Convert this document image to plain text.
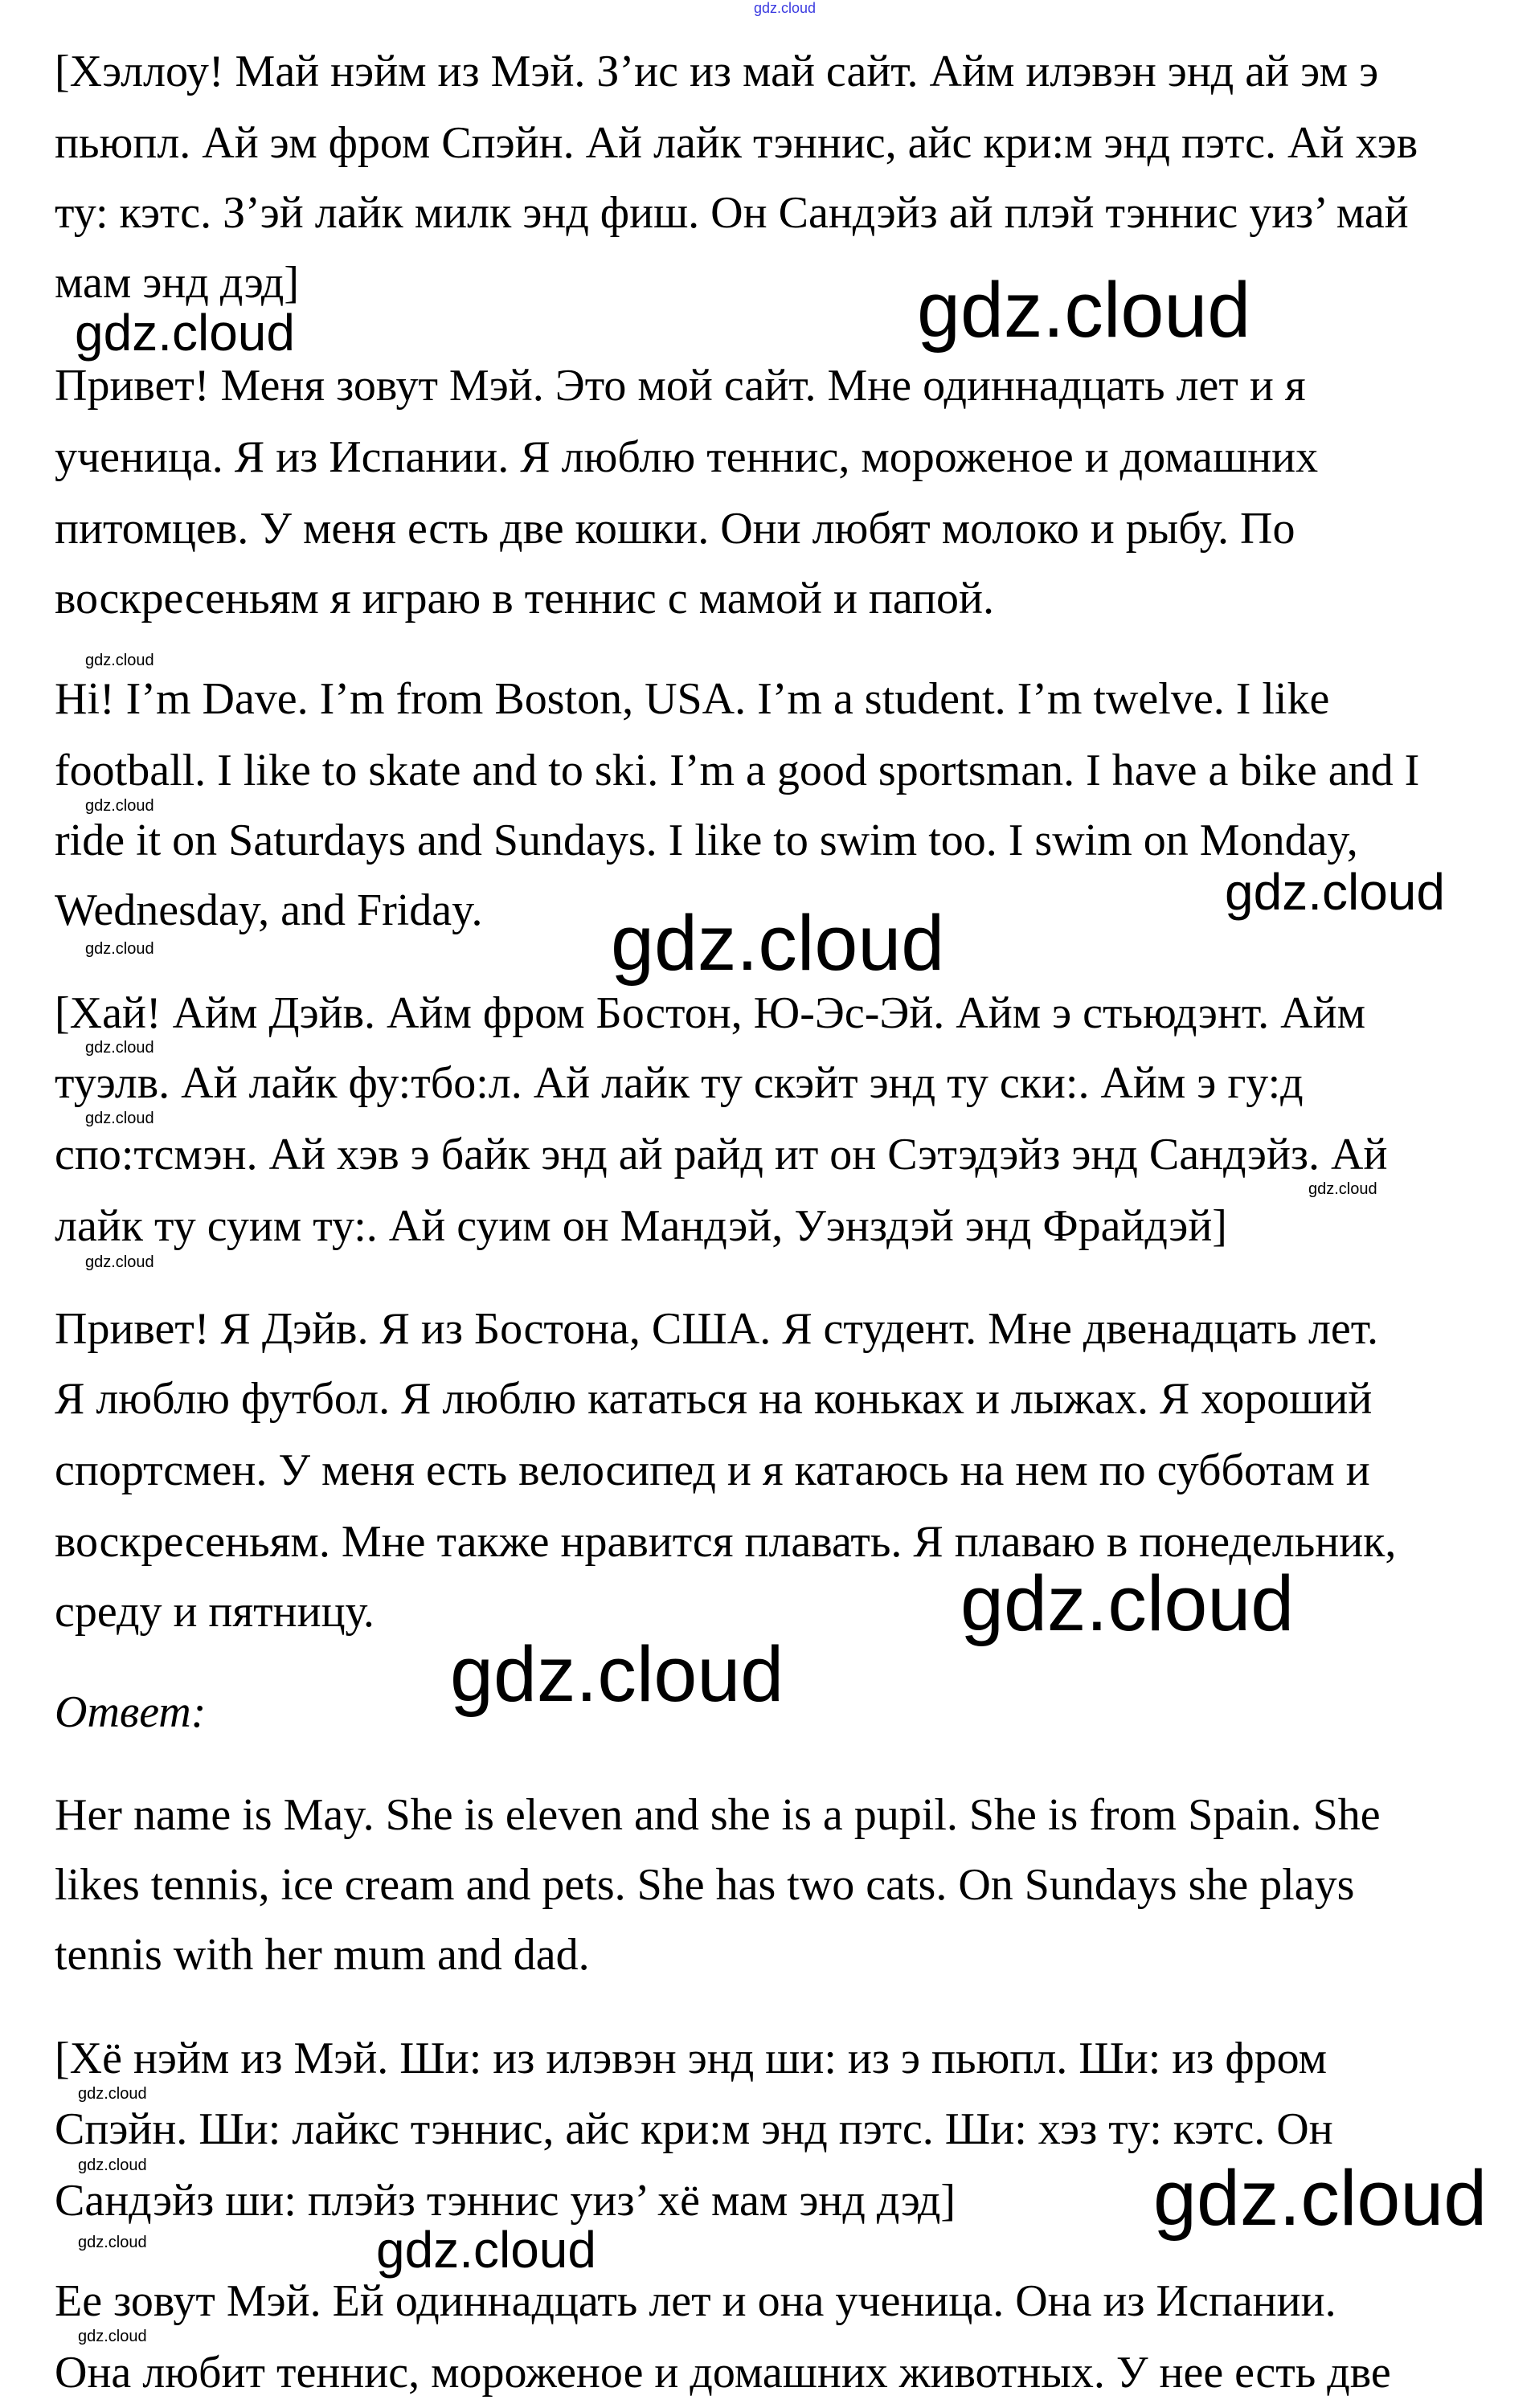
[Хэллоу! Май нэйм из Мэй. З’ис из май сайт. Айм илэвэн энд ай эм э
пьюпл. Ай эм фром Спэйн. Ай лайк тэннис, айс кри:м энд пэтс. Ай хэв
ту: кэтс. З’эй лайк милк энд фиш. Он Сандэйз ай плэй тэннис уиз’ май
мам энд дэд]
Привет! Меня зовут Мэй. Это мой сайт. Мне одиннадцать лет и я
ученица. Я из Испании. Я люблю теннис, мороженое и домашних
питомцев. У меня есть две кошки. Они любят молоко и рыбу. По
воскресеньям я играю в теннис с мамой и папой.
Hi! I’m Dave. I’m from Boston, USA. I’m a student. I’m twelve. I like
football. I like to skate and to ski. I’m a good sportsman. I have a bike and I
ride it on Saturdays and Sundays. I like to swim too. I swim on Monday,
Wednesday, and Friday.
[Хай! Айм Дэйв. Айм фром Бостон, Ю-Эс-Эй. Айм э стьюдэнт. Айм
туэлв. Ай лайк фу:тбо:л. Ай лайк ту скэйт энд ту ски:. Айм э гу:д
спо:тсмэн. Ай хэв э байк энд ай райд ит он Сэтэдэйз энд Сандэйз. Ай
лайк ту суим ту:. Ай суим он Мандэй, Уэнздэй энд Фрайдэй]
Привет! Я Дэйв. Я из Бостона, США. Я студент. Мне двенадцать лет.
Я люблю футбол. Я люблю кататься на коньках и лыжах. Я хороший
спортсмен. У меня есть велосипед и я катаюсь на нем по субботам и
воскресеньям. Мне также нравится плавать. Я плаваю в понедельник,
среду и пятницу.
Ответ:
Her name is May. She is eleven and she is a pupil. She is from Spain. She
likes tennis, ice cream and pets. She has two cats. On Sundays she plays
tennis with her mum and dad.
[Хё нэйм из Мэй. Ши: из илэвэн энд ши: из э пьюпл. Ши: из фром
Спэйн. Ши: лайкс тэннис, айс кри:м энд пэтс. Ши: хэз ту: кэтс. Он
Сандэйз ши: плэйз тэннис уиз’ хё мам энд дэд]
Ее зовут Мэй. Ей одиннадцать лет и она ученица. Она из Испании.
Она любит теннис, мороженое и домашних животных. У нее есть две
gdz.cloud
gdz.cloud
gdz.cloud
gdz.cloud
gdz.cloud
gdz.cloud
gdz.cloud
gdz.cloud
gdz.cloud
gdz.cloud
gdz.cloud
gdz.cloud
gdz.cloud
gdz.cloud
gdz.cloud
gdz.cloud
gdz.cloud
gdz.cloud
gdz.cloud
gdz.cloud
